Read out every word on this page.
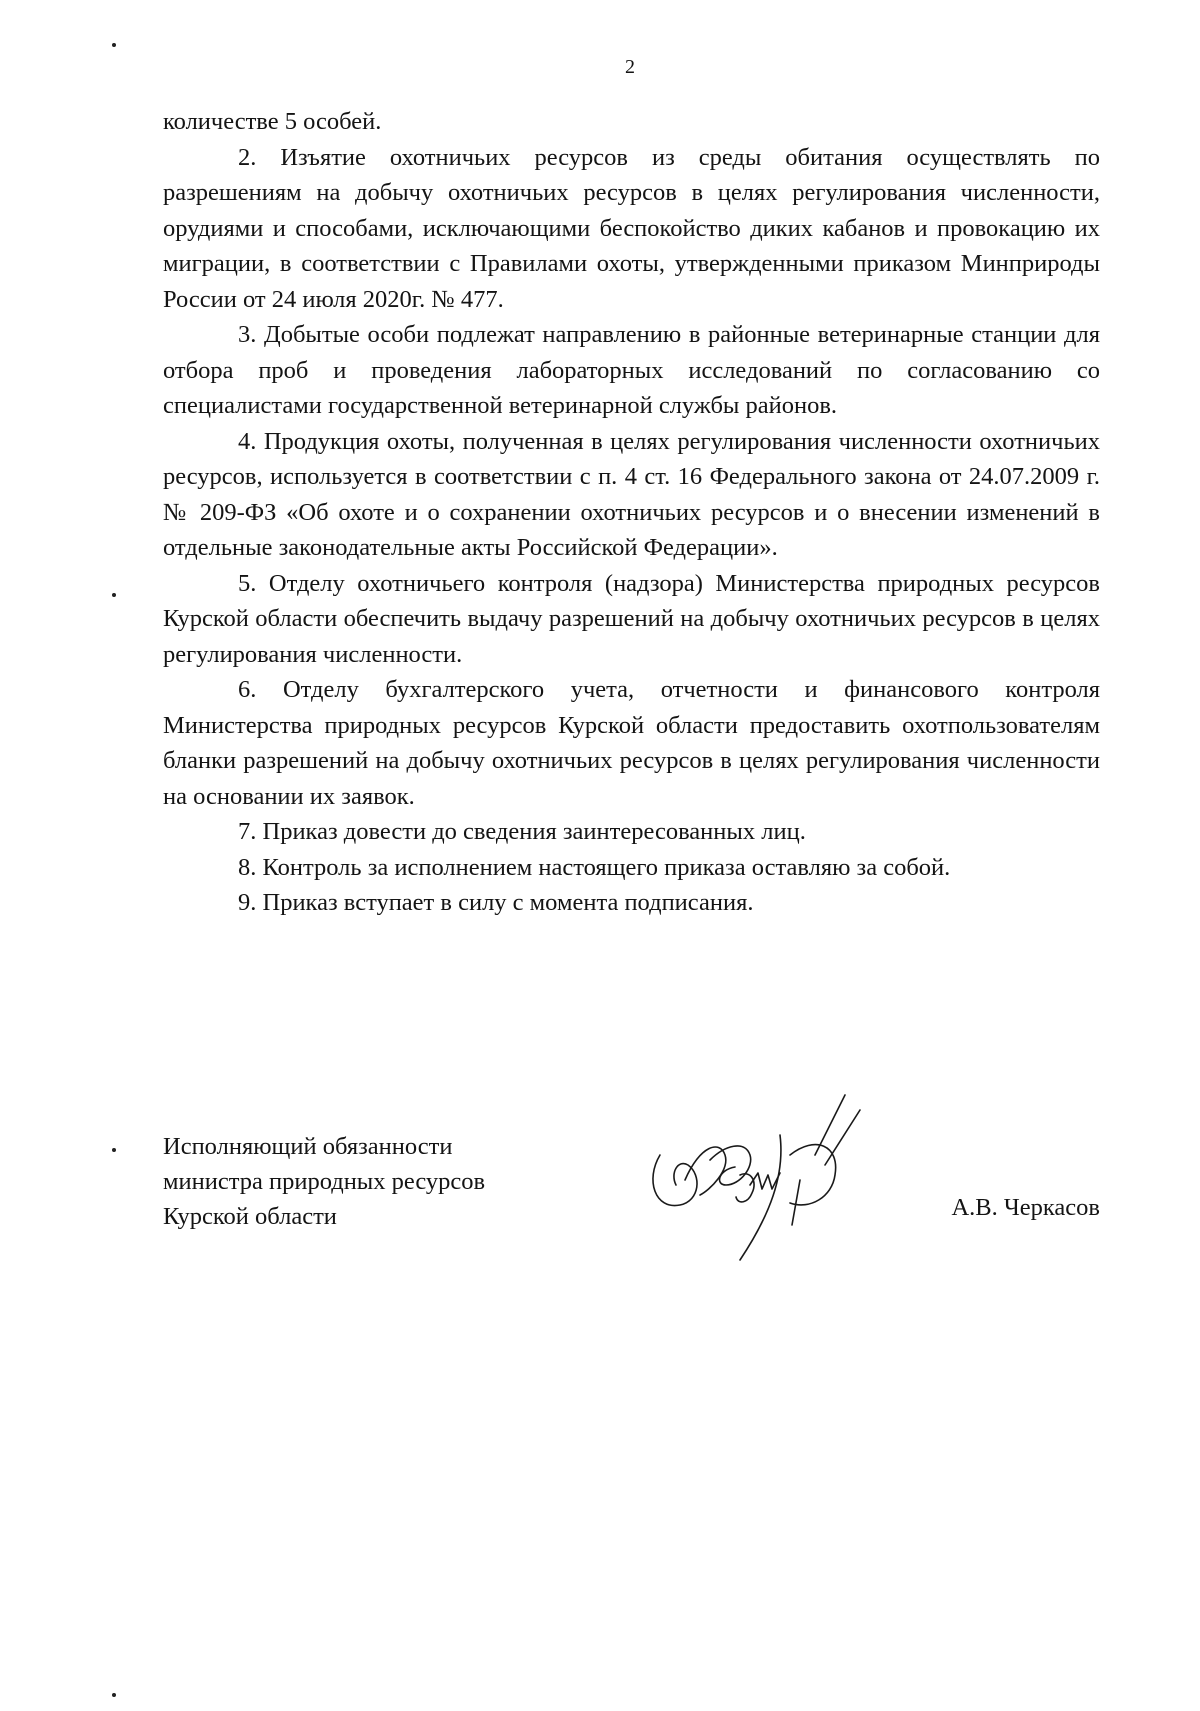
2

количестве 5 особей.

2. Изъятие охотничьих ресурсов из среды обитания осуществлять по разрешениям на добычу охотничьих ресурсов в целях регулирования численности, орудиями и способами, исключающими беспокойство диких кабанов и провокацию их миграции, в соответствии с Правилами охоты, утвержденными приказом Минприроды России от 24 июля 2020г. № 477.

3. Добытые особи подлежат направлению в районные ветеринарные станции для отбора проб и проведения лабораторных исследований по согласованию со специалистами государственной ветеринарной службы районов.

4. Продукция охоты, полученная в целях регулирования численности охотничьих ресурсов, используется в соответствии с п. 4 ст. 16 Федерального закона от 24.07.2009 г. № 209-ФЗ «Об охоте и о сохранении охотничьих ресурсов и о внесении изменений в отдельные законодательные акты Российской Федерации».

5. Отделу охотничьего контроля (надзора) Министерства природных ресурсов Курской области обеспечить выдачу разрешений на добычу охотничьих ресурсов в целях регулирования численности.

6. Отделу бухгалтерского учета, отчетности и финансового контроля Министерства природных ресурсов Курской области предоставить охотпользователям бланки разрешений на добычу охотничьих ресурсов в целях регулирования численности на основании их заявок.

7. Приказ довести до сведения заинтересованных лиц.

8. Контроль за исполнением настоящего приказа оставляю за собой.

9. Приказ вступает в силу с момента подписания.

Исполняющий обязанности
министра природных ресурсов
Курской области	А.В. Черкасов
